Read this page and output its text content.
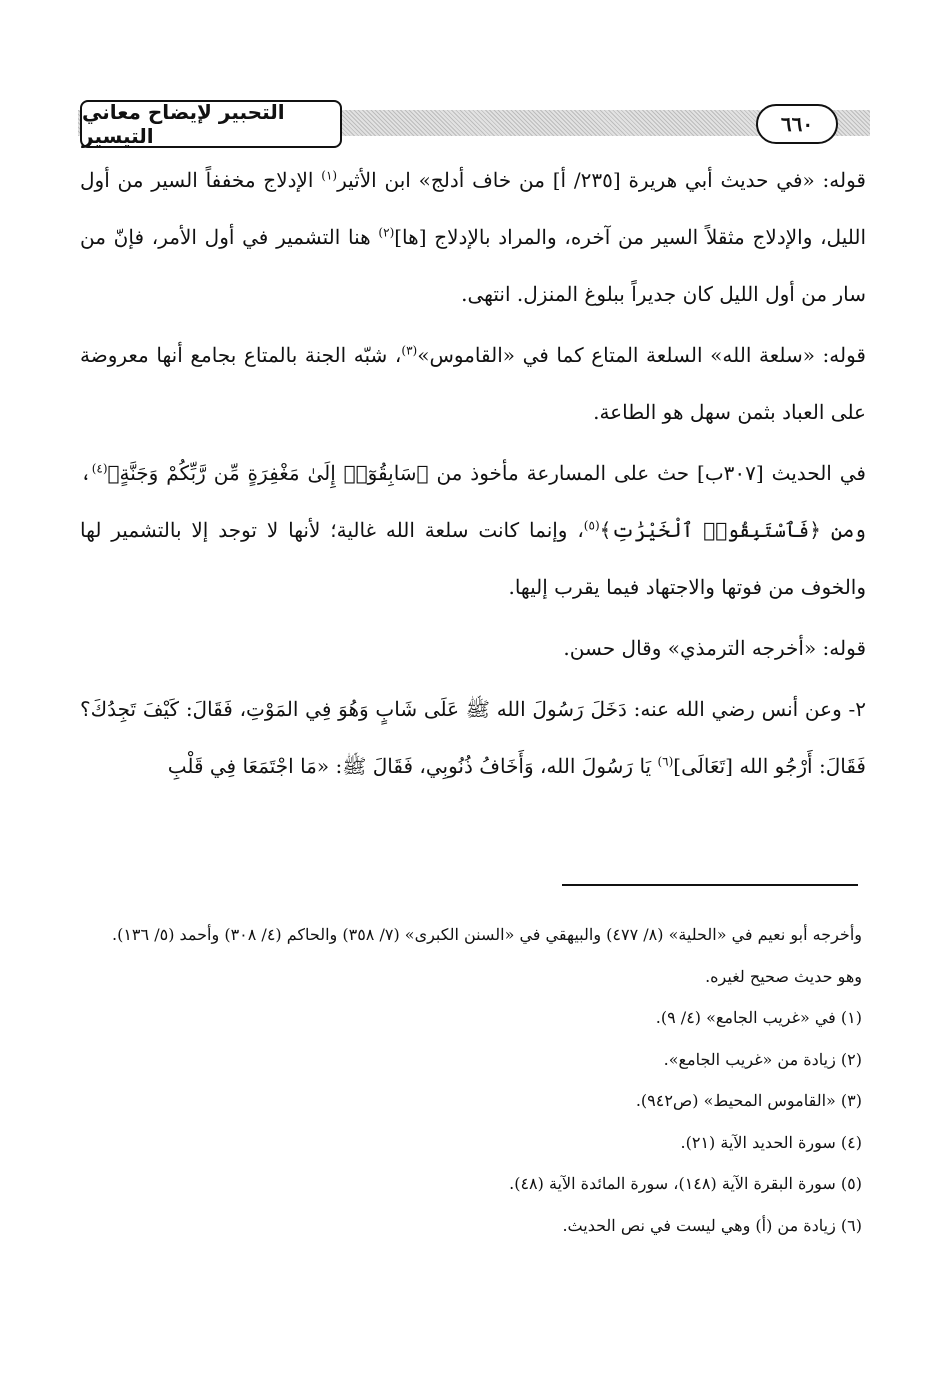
التحبير لإيضاح معاني التيسير	٦٦٠

قوله: «في حديث أبي هريرة [٢٣٥/ أ] من خاف أدلج» ابن الأثير$^{(١)}$ الإدلاج مخففاً السير من أول الليل، والإدلاج مثقلاً السير من آخره، والمراد بالإدلاج [ها]$^{(٢)}$ هنا التشمير في أول الأمر، فإنّ من سار من أول الليل كان جديراً ببلوغ المنزل. انتهى.

قوله: «سلعة الله» السلعة المتاع كما في «القاموس»$^{(٣)}$، شبّه الجنة بالمتاع بجامع أنها معروضة على العباد بثمن سهل هو الطاعة.

في الحديث [٣٠٧ب] حث على المسارعة مأخوذ من ﴿سَابِقُوٓا۟ إِلَىٰ مَغْفِرَةٍ مِّن رَّبِّكُمْ وَجَنَّةٍ﴾$^{(٤)}$، ومن ﴿فَٱسْتَبِقُوا۟ ٱلْخَيْرَٰتِ﴾$^{(٥)}$، وإنما كانت سلعة الله غالية؛ لأنها لا توجد إلا بالتشمير لها والخوف من فوتها والاجتهاد فيما يقرب إليها.

قوله: «أخرجه الترمذي» وقال حسن.

٢- وعن أنس رضي الله عنه: دَخَلَ رَسُولَ الله ﷺ عَلَى شَابٍ وَهُوَ فِي المَوْتِ، فَقَالَ: كَيْفَ تَجِدُكَ؟ فَقَالَ: أَرْجُو الله [تَعَالَى]$^{(٦)}$ يَا رَسُولَ الله، وَأَخَافُ ذُنُوبِي، فَقَالَ ﷺ: «مَا اجْتَمَعَا فِي قَلْبِ

وأخرجه أبو نعيم في «الحلية» (٨/ ٤٧٧) والبيهقي في «السنن الكبرى» (٧/ ٣٥٨) والحاكم (٤/ ٣٠٨) وأحمد (٥/ ١٣٦).

وهو حديث صحيح لغيره.

(١) في «غريب الجامع» (٤/ ٩).

(٢) زيادة من «غريب الجامع».

(٣) «القاموس المحيط» (ص٩٤٢).

(٤) سورة الحديد الآية (٢١).

(٥) سورة البقرة الآية (١٤٨)، سورة المائدة الآية (٤٨).

(٦) زيادة من (أ) وهي ليست في نص الحديث.
